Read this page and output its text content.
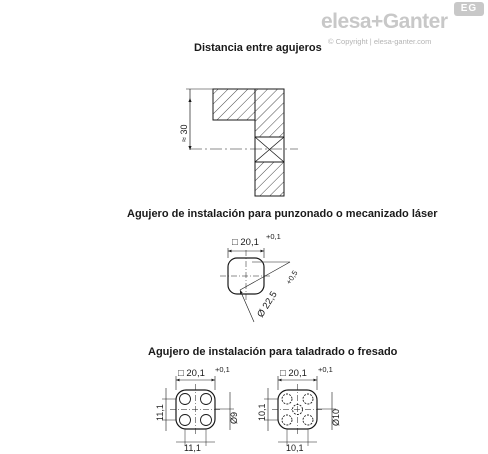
elesa+Ganter
EG
© Copyright | elesa-ganter.com
Distancia entre agujeros
Agujero de instalación para punzonado o mecanizado láser
Agujero de instalación para taladrado o fresado
≈ 30
□ 20,1
+0,1
Ø 22,5
+0,5
□ 20,1 +0,1
11,1
11,1
Ø9
□ 20,1 +0,1
10,1
10,1
Ø10
